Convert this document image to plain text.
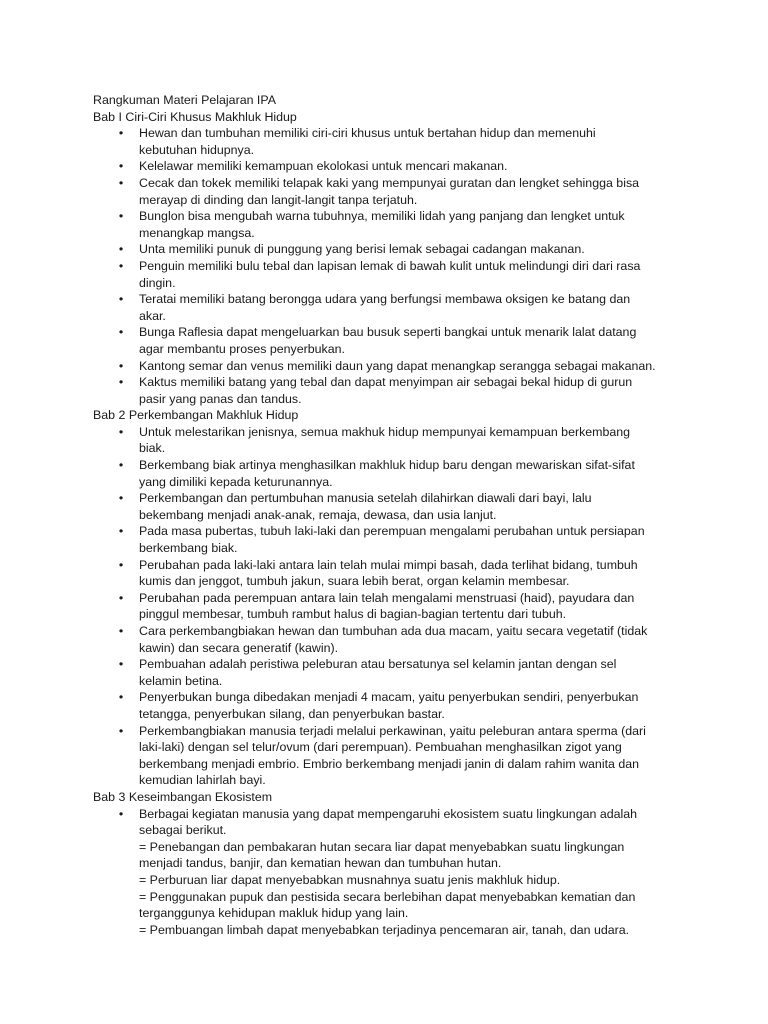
Rangkuman Materi Pelajaran IPA
Bab I Ciri-Ciri Khusus Makhluk Hidup
• Hewan dan tumbuhan memiliki ciri-ciri khusus untuk bertahan hidup dan memenuhi
kebutuhan hidupnya.
• Kelelawar memiliki kemampuan ekolokasi untuk mencari makanan.
• Cecak dan tokek memiliki telapak kaki yang mempunyai guratan dan lengket sehingga bisa
merayap di dinding dan langit-langit tanpa terjatuh.
• Bunglon bisa mengubah warna tubuhnya, memiliki lidah yang panjang dan lengket untuk
menangkap mangsa.
• Unta memiliki punuk di punggung yang berisi lemak sebagai cadangan makanan.
• Penguin memiliki bulu tebal dan lapisan lemak di bawah kulit untuk melindungi diri dari rasa
dingin.
• Teratai memiliki batang berongga udara yang berfungsi membawa oksigen ke batang dan
akar.
• Bunga Raflesia dapat mengeluarkan bau busuk seperti bangkai untuk menarik lalat datang
agar membantu proses penyerbukan.
• Kantong semar dan venus memiliki daun yang dapat menangkap serangga sebagai makanan.
• Kaktus memiliki batang yang tebal dan dapat menyimpan air sebagai bekal hidup di gurun
pasir yang panas dan tandus.
Bab 2 Perkembangan Makhluk Hidup
• Untuk melestarikan jenisnya, semua makhuk hidup mempunyai kemampuan berkembang
biak.
• Berkembang biak artinya menghasilkan makhluk hidup baru dengan mewariskan sifat-sifat
yang dimiliki kepada keturunannya.
• Perkembangan dan pertumbuhan manusia setelah dilahirkan diawali dari bayi, lalu
bekembang menjadi anak-anak, remaja, dewasa, dan usia lanjut.
• Pada masa pubertas, tubuh laki-laki dan perempuan mengalami perubahan untuk persiapan
berkembang biak.
• Perubahan pada laki-laki antara lain telah mulai mimpi basah, dada terlihat bidang, tumbuh
kumis dan jenggot, tumbuh jakun, suara lebih berat, organ kelamin membesar.
• Perubahan pada perempuan antara lain telah mengalami menstruasi (haid), payudara dan
pinggul membesar, tumbuh rambut halus di bagian-bagian tertentu dari tubuh.
• Cara perkembangbiakan hewan dan tumbuhan ada dua macam, yaitu secara vegetatif (tidak
kawin) dan secara generatif (kawin).
• Pembuahan adalah peristiwa peleburan atau bersatunya sel kelamin jantan dengan sel
kelamin betina.
• Penyerbukan bunga dibedakan menjadi 4 macam, yaitu penyerbukan sendiri, penyerbukan
tetangga, penyerbukan silang, dan penyerbukan bastar.
• Perkembangbiakan manusia terjadi melalui perkawinan, yaitu peleburan antara sperma (dari
laki-laki) dengan sel telur/ovum (dari perempuan). Pembuahan menghasilkan zigot yang
berkembang menjadi embrio. Embrio berkembang menjadi janin di dalam rahim wanita dan
kemudian lahirlah bayi.
Bab 3 Keseimbangan Ekosistem
• Berbagai kegiatan manusia yang dapat mempengaruhi ekosistem suatu lingkungan adalah
sebagai berikut.
= Penebangan dan pembakaran hutan secara liar dapat menyebabkan suatu lingkungan
menjadi tandus, banjir, dan kematian hewan dan tumbuhan hutan.
= Perburuan liar dapat menyebabkan musnahnya suatu jenis makhluk hidup.
= Penggunakan pupuk dan pestisida secara berlebihan dapat menyebabkan kematian dan
terganggunya kehidupan makluk hidup yang lain.
= Pembuangan limbah dapat menyebabkan terjadinya pencemaran air, tanah, dan udara.
